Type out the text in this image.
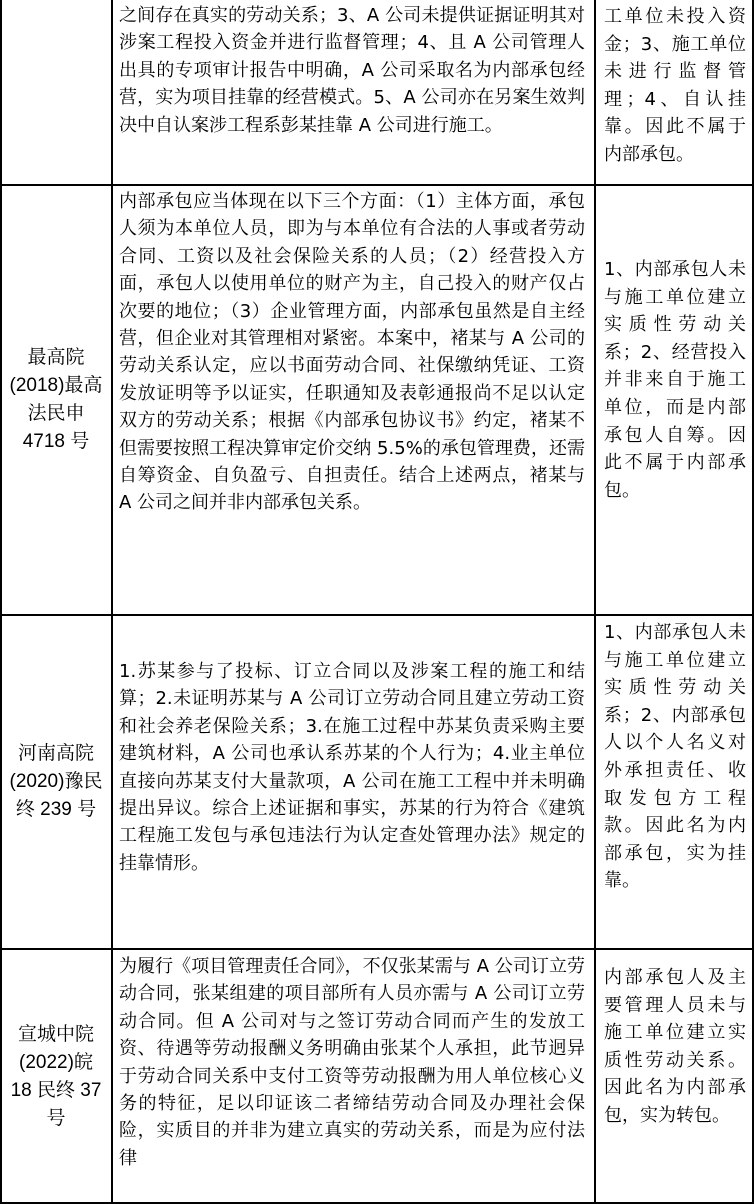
之间存在真实的劳动关系；3、A 公司未提供证据证明其对涉案工程投入资金并进行监督管理；4、且 A 公司管理人出具的专项审计报告中明确，A 公司采取名为内部承包经营，实为项目挂靠的经营模式。5、A 公司亦在另案生效判决中自认案涉工程系彭某挂靠 A 公司进行施工。

工单位未投入资金；3、施工单位未进行监督管理；4、自认挂靠。因此不属于内部承包。

最高院(2018)最高法民申 4718 号

内部承包应当体现在以下三个方面：（1）主体方面，承包人须为本单位人员，即为与本单位有合法的人事或者劳动合同、工资以及社会保险关系的人员；（2）经营投入方面，承包人以使用单位的财产为主，自己投入的财产仅占次要的地位；（3）企业管理方面，内部承包虽然是自主经营，但企业对其管理相对紧密。本案中，褚某与 A 公司的劳动关系认定，应以书面劳动合同、社保缴纳凭证、工资发放证明等予以证实，任职通知及表彰通报尚不足以认定双方的劳动关系；根据《内部承包协议书》约定，褚某不但需要按照工程决算审定价交纳 5.5%的承包管理费，还需自筹资金、自负盈亏、自担责任。结合上述两点，褚某与 A 公司之间并非内部承包关系。

1、内部承包人未与施工单位建立实质性劳动关系；2、经营投入并非来自于施工单位，而是内部承包人自筹。因此不属于内部承包。

河南高院(2020)豫民终 239 号

1.苏某参与了投标、订立合同以及涉案工程的施工和结算；2.未证明苏某与 A 公司订立劳动合同且建立劳动工资和社会养老保险关系；3.在施工过程中苏某负责采购主要建筑材料，A 公司也承认系苏某的个人行为；4.业主单位直接向苏某支付大量款项，A 公司在施工工程中并未明确提出异议。综合上述证据和事实，苏某的行为符合《建筑工程施工发包与承包违法行为认定查处管理办法》规定的挂靠情形。

1、内部承包人未与施工单位建立实质性劳动关系；2、内部承包人以个人名义对外承担责任、收取发包方工程款。因此名为内部承包，实为挂靠。

宣城中院(2022)皖 18 民终 37 号

为履行《项目管理责任合同》，不仅张某需与 A 公司订立劳动合同，张某组建的项目部所有人员亦需与 A 公司订立劳动合同。但 A 公司对与之签订劳动合同而产生的发放工资、待遇等劳动报酬义务明确由张某个人承担，此节迥异于劳动合同关系中支付工资等劳动报酬为用人单位核心义务的特征，足以印证该二者缔结劳动合同及办理社会保险，实质目的并非为建立真实的劳动关系，而是为应付法律

内部承包人及主要管理人员未与施工单位建立实质性劳动关系。因此名为内部承包，实为转包。
